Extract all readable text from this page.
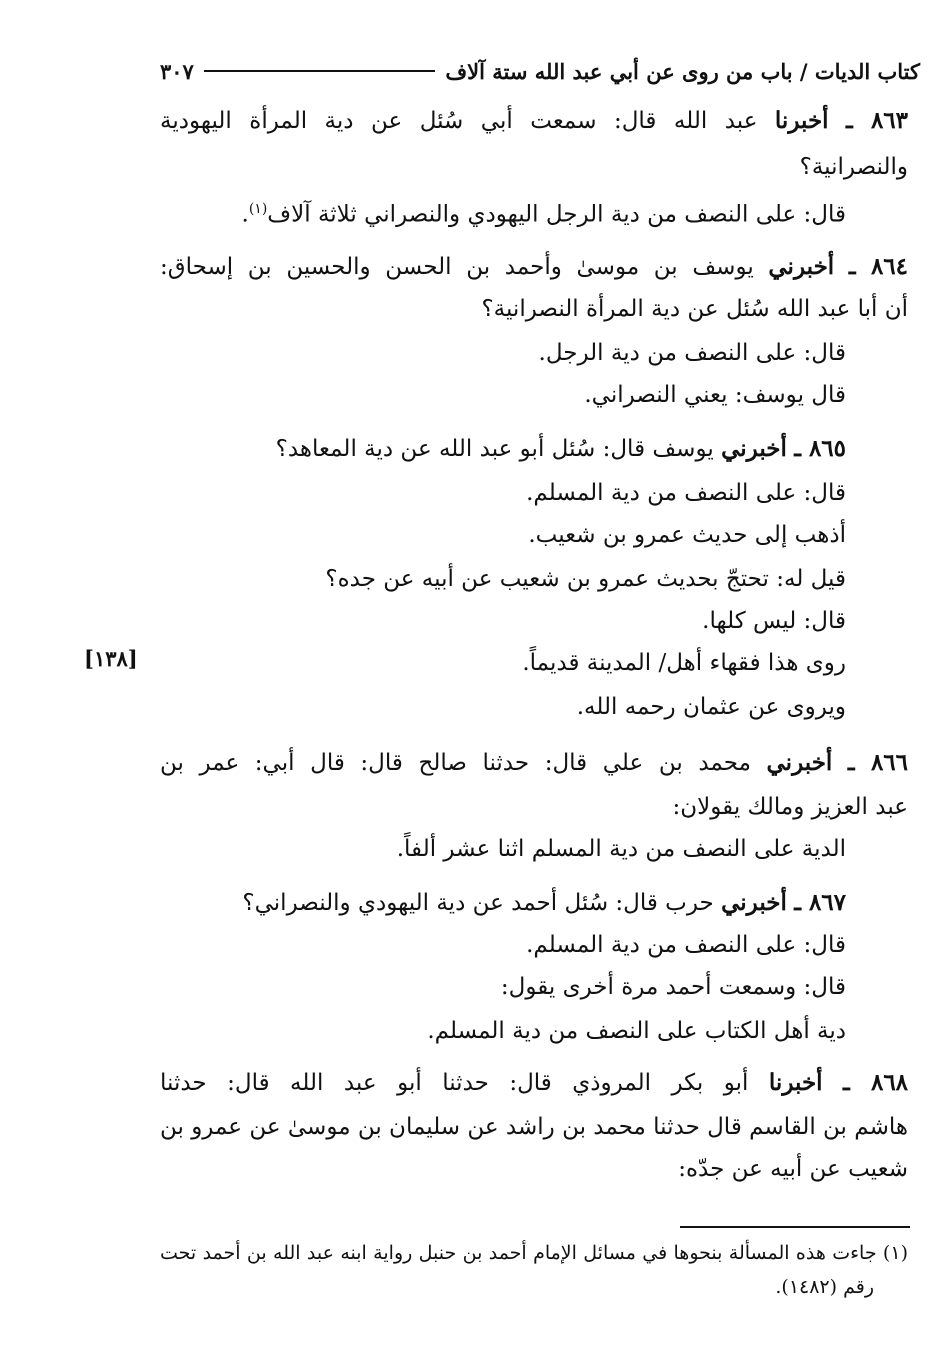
كتاب الديات / باب من روى عن أبي عبد الله ستة آلاف
٣٠٧
٨٦٣ ـ أخبرنا عبد الله قال: سمعت أبي سُئل عن دية المرأة اليهودية
والنصرانية؟
قال: على النصف من دية الرجل اليهودي والنصراني ثلاثة آلاف$^{(١)}$.
٨٦٤ ـ أخبرني يوسف بن موسىٰ وأحمد بن الحسن والحسين بن إسحاق:
أن أبا عبد الله سُئل عن دية المرأة النصرانية؟
قال: على النصف من دية الرجل.
قال يوسف: يعني النصراني.
٨٦٥ ـ أخبرني يوسف قال: سُئل أبو عبد الله عن دية المعاهد؟
قال: على النصف من دية المسلم.
أذهب إلى حديث عمرو بن شعيب.
قيل له: تحتجّ بحديث عمرو بن شعيب عن أبيه عن جده؟
قال: ليس كلها.
روى هذا فقهاء أهل/ المدينة قديماً.
[١٣٨]
ويروى عن عثمان رحمه الله.
٨٦٦ ـ أخبرني محمد بن علي قال: حدثنا صالح قال: قال أبي: عمر بن
عبد العزيز ومالك يقولان:
الدية على النصف من دية المسلم اثنا عشر ألفاً.
٨٦٧ ـ أخبرني حرب قال: سُئل أحمد عن دية اليهودي والنصراني؟
قال: على النصف من دية المسلم.
قال: وسمعت أحمد مرة أخرى يقول:
دية أهل الكتاب على النصف من دية المسلم.
٨٦٨ ـ أخبرنا أبو بكر المروذي قال: حدثنا أبو عبد الله قال: حدثنا
هاشم بن القاسم قال حدثنا محمد بن راشد عن سليمان بن موسىٰ عن عمرو بن
شعيب عن أبيه عن جدّه:
(١) جاءت هذه المسألة بنحوها في مسائل الإمام أحمد بن حنبل رواية ابنه عبد الله بن أحمد تحت
رقم (١٤٨٢).
